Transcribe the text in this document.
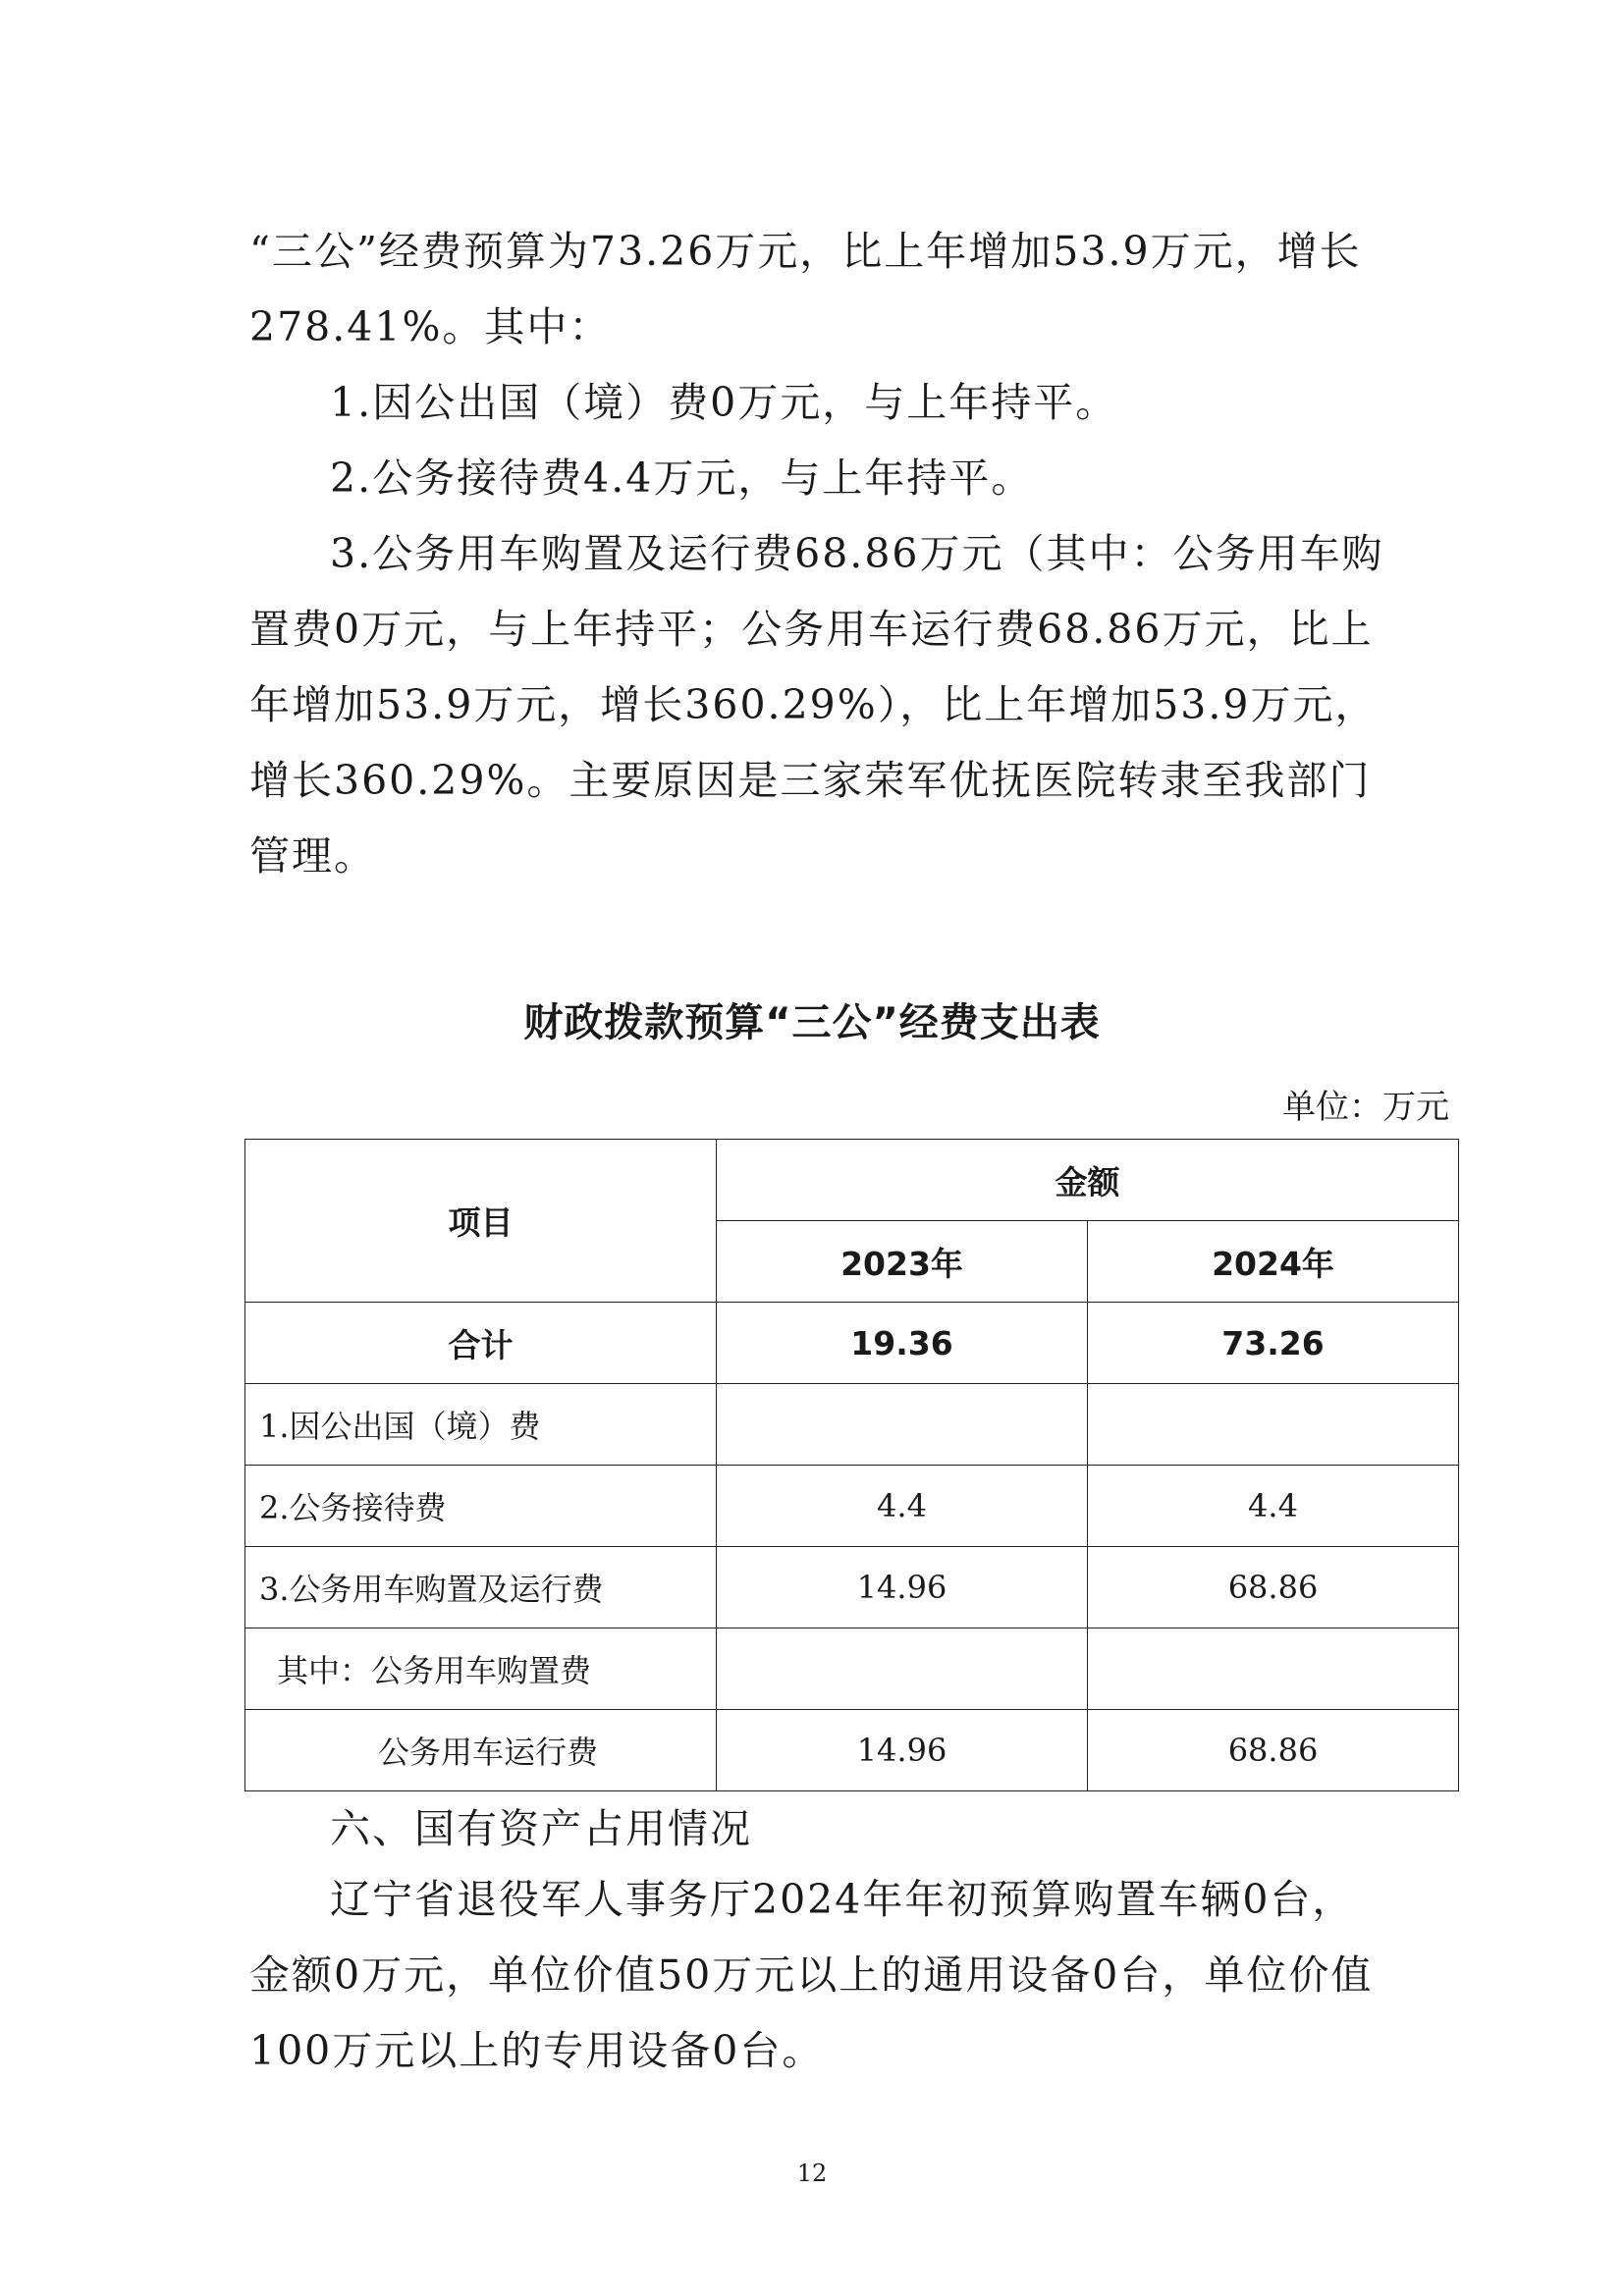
“三公”经费预算为73.26万元，比上年增加53.9万元，增长278.41%。其中：

1.因公出国（境）费0万元，与上年持平。

2.公务接待费4.4万元，与上年持平。

3.公务用车购置及运行费68.86万元（其中：公务用车购置费0万元，与上年持平；公务用车运行费68.86万元，比上年增加53.9万元，增长360.29%），比上年增加53.9万元，增长360.29%。主要原因是三家荣军优抚医院转隶至我部门管理。

财政拨款预算“三公”经费支出表
单位：万元
项目	金额	
	2023年	2024年
合计	19.36	73.26
1.因公出国（境）费		
2.公务接待费	4.4	4.4
3.公务用车购置及运行费	14.96	68.86
其中：公务用车购置费		
公务用车运行费	14.96	68.86
六、国有资产占用情况

辽宁省退役军人事务厅2024年年初预算购置车辆0台，金额0万元，单位价值50万元以上的通用设备0台，单位价值100万元以上的专用设备0台。

12
